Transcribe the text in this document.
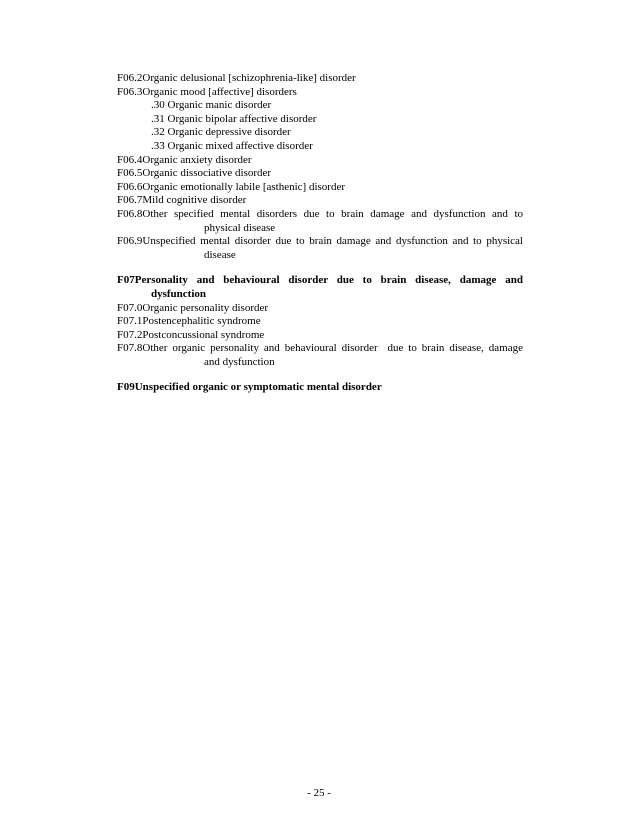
F06.2Organic delusional [schizophrenia-like] disorder

F06.3Organic mood [affective] disorders

.30 Organic manic disorder

.31 Organic bipolar affective disorder

.32 Organic depressive disorder

.33 Organic mixed affective disorder

F06.4Organic anxiety disorder

F06.5Organic dissociative disorder

F06.6Organic emotionally labile [asthenic] disorder

F06.7Mild cognitive disorder

F06.8Other specified mental disorders due to brain damage and dysfunction and to

physical disease

F06.9Unspecified mental disorder due to brain damage and dysfunction and to physical

disease

F07Personality and behavioural disorder due to brain disease, damage and

dysfunction

F07.0Organic personality disorder

F07.1Postencephalitic syndrome

F07.2Postconcussional syndrome

F07.8Other organic personality and behavioural disorder  due to brain disease, damage

and dysfunction

F09Unspecified organic or symptomatic mental disorder

- 25 -
